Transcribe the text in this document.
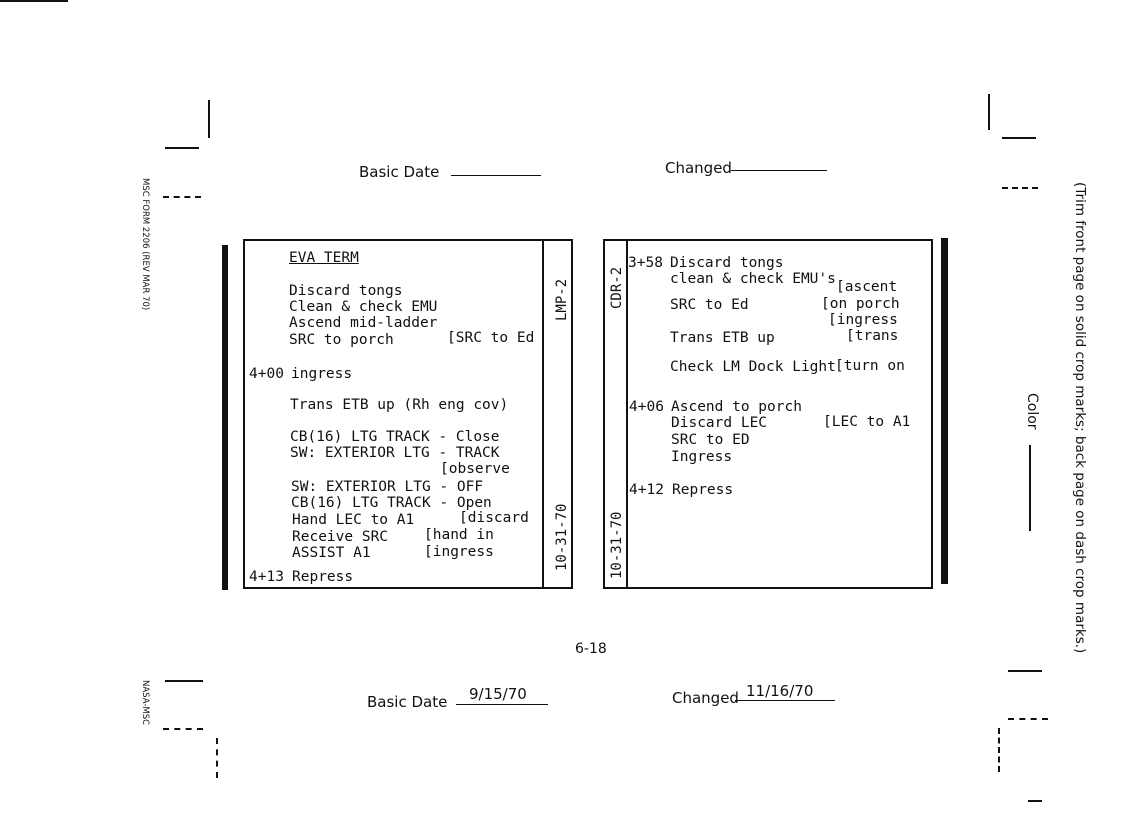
MSC FORM 2206 (REV MAR 70)
NASA-MSC
(Trim front page on solid crop marks; back page on dash crop marks.)
Color
Basic Date	Changed
LMP-2
10-31-70
EVA TERM
Discard tongs
Clean & check EMU
Ascend mid-ladder
SRC to porch	[SRC to Ed
4+00 ingress
Trans ETB up (Rh eng cov)
CB(16) LTG TRACK - Close
SW: EXTERIOR LTG - TRACK
[observe
SW: EXTERIOR LTG - OFF
CB(16) LTG TRACK - Open
Hand LEC to A1	[discard
Receive SRC [hand in
ASSIST A1	[ingress
4+13 Repress
CDR-2
10-31-70
3+58 Discard tongs
clean & check EMU's [ascent
SRC to Ed	[on porch
[ingress
Trans ETB up	[trans
Check LM Dock Light [turn on
4+06 Ascend to porch
Discard LEC	[LEC to A1
SRC to ED
Ingress
4+12 Repress
6-18
Basic Date 9/15/70	Changed 11/16/70
